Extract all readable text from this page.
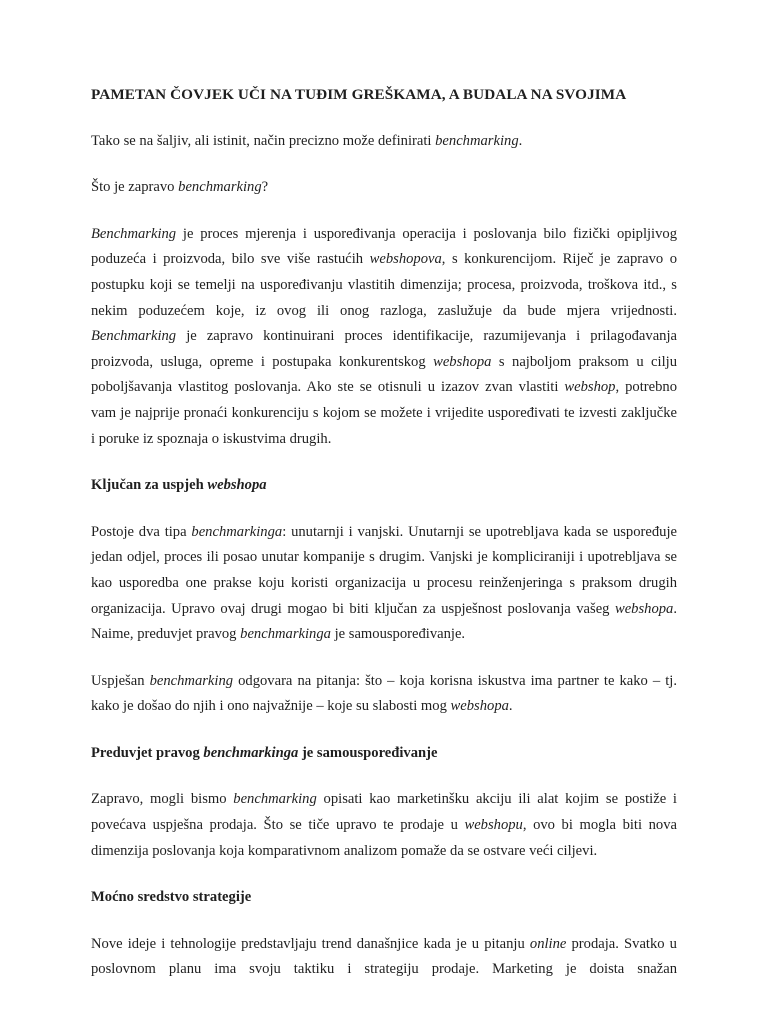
PAMETAN ČOVJEK UČI NA TUĐIM GREŠKAMA, A BUDALA NA SVOJIMA

Tako se na šaljiv, ali istinit, način precizno može definirati benchmarking.

Što je zapravo benchmarking?

Benchmarking je proces mjerenja i uspoređivanja operacija i poslovanja bilo fizički opipljivog poduzeća i proizvoda, bilo sve više rastućih webshopova, s konkurencijom. Riječ je zapravo o postupku koji se temelji na uspoređivanju vlastitih dimenzija; procesa, proizvoda, troškova itd., s nekim poduzećem koje, iz ovog ili onog razloga, zaslužuje da bude mjera vrijednosti. Benchmarking je zapravo kontinuirani proces identifikacije, razumijevanja i prilagođavanja proizvoda, usluga, opreme i postupaka konkurentskog webshopa s najboljom praksom u cilju poboljšavanja vlastitog poslovanja. Ako ste se otisnuli u izazov zvan vlastiti webshop, potrebno vam je najprije pronaći konkurenciju s kojom se možete i vrijedite uspoređivati te izvesti zaključke i poruke iz spoznaja o iskustvima drugih.

Ključan za uspjeh webshopa

Postoje dva tipa benchmarkinga: unutarnji i vanjski. Unutarnji se upotrebljava kada se uspoređuje jedan odjel, proces ili posao unutar kompanije s drugim. Vanjski je kompliciraniji i upotrebljava se kao usporedba one prakse koju koristi organizacija u procesu reinženjeringa s praksom drugih organizacija. Upravo ovaj drugi mogao bi biti ključan za uspješnost poslovanja vašeg webshopa. Naime, preduvjet pravog benchmarkinga je samouspoređivanje.

Uspješan benchmarking odgovara na pitanja: što – koja korisna iskustva ima partner te kako – tj. kako je došao do njih i ono najvažnije – koje su slabosti mog webshopa.

Preduvjet pravog benchmarkinga je samouspoređivanje

Zapravo, mogli bismo benchmarking opisati kao marketinšku akciju ili alat kojim se postiže i povećava uspješna prodaja. Što se tiče upravo te prodaje u webshopu, ovo bi mogla biti nova dimenzija poslovanja koja komparativnom analizom pomaže da se ostvare veći ciljevi.

Moćno sredstvo strategije

Nove ideje i tehnologije predstavljaju trend današnjice kada je u pitanju online prodaja. Svatko u poslovnom planu ima svoju taktiku i strategiju prodaje. Marketing je doista snažan
